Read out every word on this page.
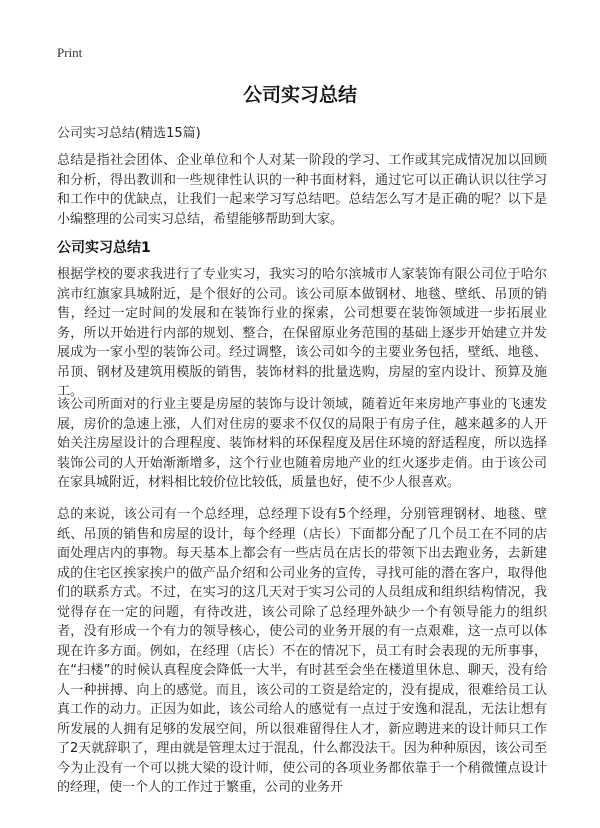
Print
公司实习总结
公司实习总结(精选15篇)
总结是指社会团体、企业单位和个人对某一阶段的学习、工作或其完成情况加以回顾和分析，得出教训和一些规律性认识的一种书面材料，通过它可以正确认识以往学习和工作中的优缺点，让我们一起来学习写总结吧。总结怎么写才是正确的呢？以下是小编整理的公司实习总结，希望能够帮助到大家。
公司实习总结1
根据学校的要求我进行了专业实习，我实习的哈尔滨城市人家装饰有限公司位于哈尔滨市红旗家具城附近，是个很好的公司。该公司原本做钢材、地毯、壁纸、吊顶的销售，经过一定时间的发展和在装饰行业的探索，公司想要在装饰领域进一步拓展业务，所以开始进行内部的规划、整合，在保留原业务范围的基础上逐步开始建立并发展成为一家小型的装饰公司。经过调整，该公司如今的主要业务包括，壁纸、地毯、吊顶、钢材及建筑用模版的销售，装饰材料的批量选购，房屋的室内设计、预算及施工。
该公司所面对的行业主要是房屋的装饰与设计领域，随着近年来房地产事业的飞速发展，房价的急速上涨，人们对住房的要求不仅仅的局限于有房子住，越来越多的人开始关注房屋设计的合理程度、装饰材料的环保程度及居住环境的舒适程度，所以选择装饰公司的人开始渐渐增多，这个行业也随着房地产业的红火逐步走俏。由于该公司在家具城附近，材料相比较价位比较低，质量也好，使不少人很喜欢。
总的来说，该公司有一个总经理，总经理下设有5个经理，分别管理钢材、地毯、壁纸、吊顶的销售和房屋的设计，每个经理（店长）下面都分配了几个员工在不同的店面处理店内的事物。每天基本上都会有一些店员在店长的带领下出去跑业务，去新建成的住宅区挨家挨户的做产品介绍和公司业务的宣传，寻找可能的潜在客户，取得他们的联系方式。不过，在实习的这几天对于实习公司的人员组成和组织结构情况，我觉得存在一定的问题，有待改进，该公司除了总经理外缺少一个有领导能力的组织者，没有形成一个有力的领导核心，使公司的业务开展的有一点艰难，这一点可以体现在许多方面。例如，在经理（店长）不在的情况下，员工有时会表现的无所事事，在“扫楼”的时候认真程度会降低一大半，有时甚至会坐在楼道里休息、聊天，没有给人一种拼搏、向上的感觉。而且，该公司的工资是给定的，没有提成，很难给员工认真工作的动力。正因为如此，该公司给人的感觉有一点过于安逸和混乱，无法让想有所发展的人拥有足够的发展空间，所以很难留得住人才，新应聘进来的设计师只工作了2天就辞职了，理由就是管理太过于混乱，什么都没法干。因为种种原因，该公司至今为止没有一个可以挑大梁的设计师，使公司的各项业务都依靠于一个稍微懂点设计的经理，使一个人的工作过于繁重，公司的业务开
